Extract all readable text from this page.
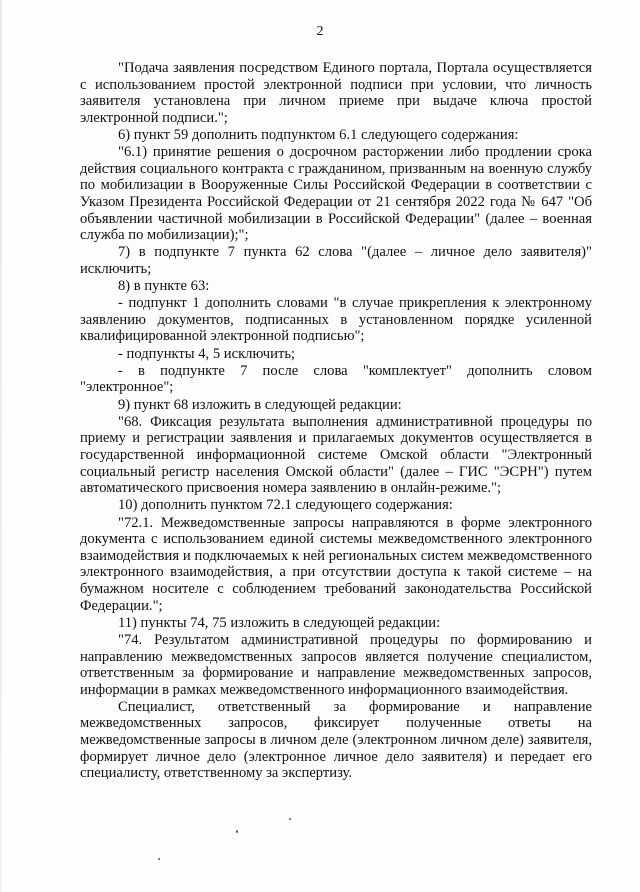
2

"Подача заявления посредством Единого портала, Портала осуществляется с использованием простой электронной подписи при условии, что личность заявителя установлена при личном приеме при выдаче ключа простой электронной подписи.";

6) пункт 59 дополнить подпунктом 6.1 следующего содержания:

"6.1) принятие решения о досрочном расторжении либо продлении срока действия социального контракта с гражданином, призванным на военную службу по мобилизации в Вооруженные Силы Российской Федерации в соответствии с Указом Президента Российской Федерации от 21 сентября 2022 года № 647 "Об объявлении частичной мобилизации в Российской Федерации" (далее – военная служба по мобилизации);";

7) в подпункте 7 пункта 62 слова "(далее – личное дело заявителя)" исключить;

8) в пункте 63:

- подпункт 1 дополнить словами "в случае прикрепления к электронному заявлению документов, подписанных в установленном порядке усиленной квалифицированной электронной подписью";

- подпункты 4, 5 исключить;

- в подпункте 7 после слова "комплектует" дополнить словом "электронное";

9) пункт 68 изложить в следующей редакции:

"68. Фиксация результата выполнения административной процедуры по приему и регистрации заявления и прилагаемых документов осуществляется в государственной информационной системе Омской области "Электронный социальный регистр населения Омской области" (далее – ГИС "ЭСРН") путем автоматического присвоения номера заявлению в онлайн-режиме.";

10) дополнить пунктом 72.1 следующего содержания:

"72.1. Межведомственные запросы направляются в форме электронного документа с использованием единой системы межведомственного электронного взаимодействия и подключаемых к ней региональных систем межведомственного электронного взаимодействия, а при отсутствии доступа к такой системе – на бумажном носителе с соблюдением требований законодательства Российской Федерации.";

11) пункты 74, 75 изложить в следующей редакции:

"74. Результатом административной процедуры по формированию и направлению межведомственных запросов является получение специалистом, ответственным за формирование и направление межведомственных запросов, информации в рамках межведомственного информационного взаимодействия.

Специалист, ответственный за формирование и направление межведомственных запросов, фиксирует полученные ответы на межведомственные запросы в личном деле (электронном личном деле) заявителя, формирует личное дело (электронное личное дело заявителя) и передает его специалисту, ответственному за экспертизу.
